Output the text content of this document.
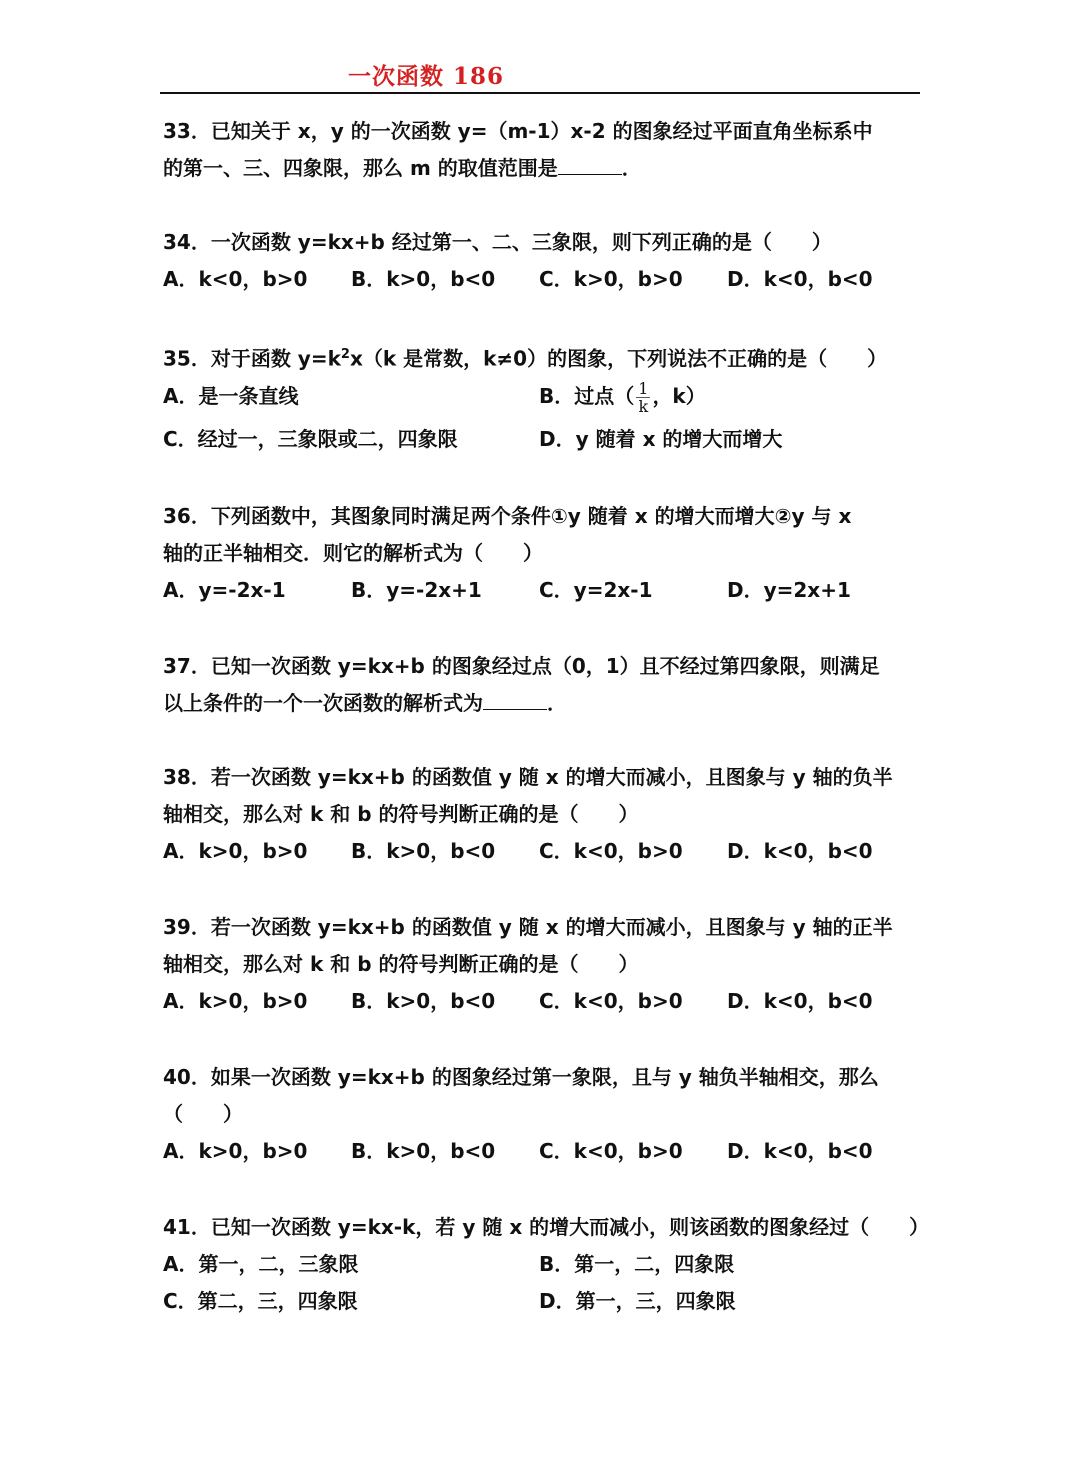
一次函数 186
33．已知关于 x，y 的一次函数 y=（m-1）x-2 的图象经过平面直角坐标系中
的第一、三、四象限，那么 m 的取值范围是	．
34．一次函数 y=kx+b 经过第一、二、三象限，则下列正确的是（　　）
A．k<0，b>0	B．k>0，b<0	C．k>0，b>0	D．k<0，b<0
35．对于函数 $y=k^2x(k$ 是常数，k≠0）的图象，下列说法不正确的是（　　）
A．是一条直线	B．过点（ $\frac{1}{k}$ ，k）
C．经过一，三象限或二，四象限	D．y 随着 x 的增大而增大
36．下列函数中，其图象同时满足两个条件①y 随着 x 的增大而增大②y 与 x
轴的正半轴相交．则它的解析式为（　　）
A．y=-2x-1	B．y=-2x+1	C．y=2x-1	D．y=2x+1
37．已知一次函数 y=kx+b 的图象经过点（0，1）且不经过第四象限，则满足
以上条件的一个一次函数的解析式为	．
38．若一次函数 y=kx+b 的函数值 y 随 x 的增大而减小，且图象与 y 轴的负半
轴相交，那么对 k 和 b 的符号判断正确的是（　　）
A．k>0，b>0	B．k>0，b<0	C．k<0，b>0	D．k<0，b<0
39．若一次函数 y=kx+b 的函数值 y 随 x 的增大而减小，且图象与 y 轴的正半
轴相交，那么对 k 和 b 的符号判断正确的是（　　）
A．k>0，b>0	B．k>0，b<0	C．k<0，b>0	D．k<0，b<0
40．如果一次函数 y=kx+b 的图象经过第一象限，且与 y 轴负半轴相交，那么
（　　）
A．k>0，b>0	B．k>0，b<0	C．k<0，b>0	D．k<0，b<0
41．已知一次函数 y=kx-k，若 y 随 x 的增大而减小，则该函数的图象经过（　　）
A．第一，二，三象限	B．第一，二，四象限
C．第二，三，四象限	D．第一，三，四象限
